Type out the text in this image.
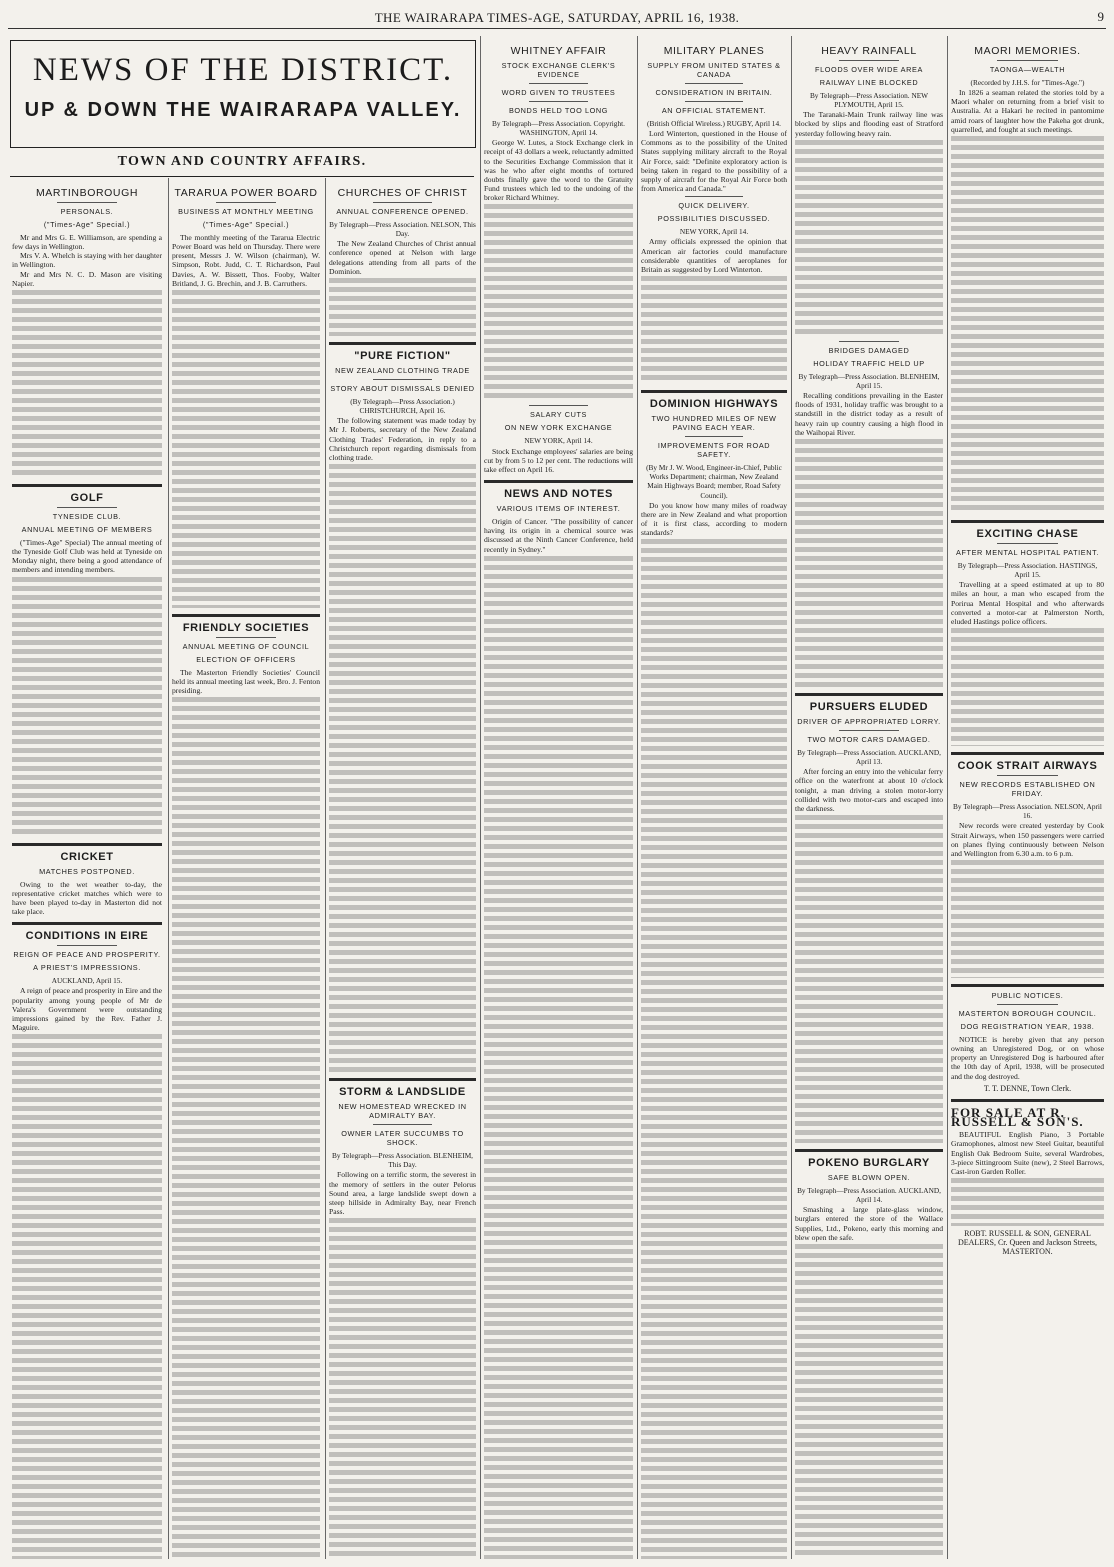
THE WAIRARAPA TIMES-AGE, SATURDAY, APRIL 16, 1938.	9
NEWS OF THE DISTRICT.
UP & DOWN THE WAIRARAPA VALLEY.
TOWN AND COUNTRY AFFAIRS.
MARTINBOROUGH
PERSONALS.
("Times-Age" Special.)

Mr and Mrs G. E. Williamson, are spending a few days in Wellington.

Mrs V. A. Whelch is staying with her daughter in Wellington.

Mr and Mrs N. C. D. Mason are visiting Napier.

GOLF
TYNESIDE CLUB.
ANNUAL MEETING OF MEMBERS

("Times-Age" Special) The annual meeting of the Tyneside Golf Club was held at Tyneside on Monday night, there being a good attendance of members and intending members.

CRICKET
MATCHES POSTPONED.

Owing to the wet weather to-day, the representative cricket matches which were to have been played to-day in Masterton did not take place.

CONDITIONS IN EIRE
REIGN OF PEACE AND PROSPERITY.
A PRIEST'S IMPRESSIONS.
AUCKLAND, April 15.

A reign of peace and prosperity in Eire and the popularity among young people of Mr de Valera's Government were outstanding impressions gained by the Rev. Father J. Maguire.

TARARUA POWER BOARD
BUSINESS AT MONTHLY MEETING
("Times-Age" Special.)

The monthly meeting of the Tararua Electric Power Board was held on Thursday. There were present, Messrs J. W. Wilson (chairman), W. Simpson, Robt. Judd, C. T. Richardson, Paul Davies, A. W. Bissett, Thos. Fooby, Walter Britland, J. G. Brechin, and J. B. Carruthers.

FRIENDLY SOCIETIES
ANNUAL MEETING OF COUNCIL
ELECTION OF OFFICERS

The Masterton Friendly Societies' Council held its annual meeting last week, Bro. J. Fenton presiding.

CHURCHES OF CHRIST
ANNUAL CONFERENCE OPENED.
By Telegraph—Press Association. NELSON, This Day.

The New Zealand Churches of Christ annual conference opened at Nelson with large delegations attending from all parts of the Dominion.

"PURE FICTION"
NEW ZEALAND CLOTHING TRADE
STORY ABOUT DISMISSALS DENIED
(By Telegraph—Press Association.) CHRISTCHURCH, April 16.

The following statement was made today by Mr J. Roberts, secretary of the New Zealand Clothing Trades' Federation, in reply to a Christchurch report regarding dismissals from clothing trade.

STORM & LANDSLIDE
NEW HOMESTEAD WRECKED IN ADMIRALTY BAY.
OWNER LATER SUCCUMBS TO SHOCK.
By Telegraph—Press Association. BLENHEIM, This Day.

Following on a terrific storm, the severest in the memory of settlers in the outer Pelorus Sound area, a large landslide swept down a steep hillside in Admiralty Bay, near French Pass.

WHITNEY AFFAIR
STOCK EXCHANGE CLERK'S EVIDENCE
WORD GIVEN TO TRUSTEES
BONDS HELD TOO LONG
By Telegraph—Press Association. Copyright. WASHINGTON, April 14.

George W. Lutes, a Stock Exchange clerk in receipt of 43 dollars a week, reluctantly admitted to the Securities Exchange Commission that it was he who after eight months of tortured doubts finally gave the word to the Gratuity Fund trustees which led to the undoing of the broker Richard Whitney.

SALARY CUTS
ON NEW YORK EXCHANGE
NEW YORK, April 14.

Stock Exchange employees' salaries are being cut by from 5 to 12 per cent. The reductions will take effect on April 16.

NEWS AND NOTES
VARIOUS ITEMS OF INTEREST.

Origin of Cancer. "The possibility of cancer having its origin in a chemical source was discussed at the Ninth Cancer Conference, held recently in Sydney."

MILITARY PLANES
SUPPLY FROM UNITED STATES & CANADA
CONSIDERATION IN BRITAIN.
AN OFFICIAL STATEMENT.
(British Official Wireless.) RUGBY, April 14.

Lord Winterton, questioned in the House of Commons as to the possibility of the United States supplying military aircraft to the Royal Air Force, said: "Definite exploratory action is being taken in regard to the possibility of a supply of aircraft for the Royal Air Force both from America and Canada."

QUICK DELIVERY.
POSSIBILITIES DISCUSSED.
NEW YORK, April 14.

Army officials expressed the opinion that American air factories could manufacture considerable quantities of aeroplanes for Britain as suggested by Lord Winterton.

DOMINION HIGHWAYS
TWO HUNDRED MILES OF NEW PAVING EACH YEAR.
IMPROVEMENTS FOR ROAD SAFETY.
(By Mr J. W. Wood, Engineer-in-Chief, Public Works Department; chairman, New Zealand Main Highways Board; member, Road Safety Council).

Do you know how many miles of roadway there are in New Zealand and what proportion of it is first class, according to modern standards?

HEAVY RAINFALL
FLOODS OVER WIDE AREA
RAILWAY LINE BLOCKED
By Telegraph—Press Association. NEW PLYMOUTH, April 15.

The Taranaki-Main Trunk railway line was blocked by slips and flooding east of Stratford yesterday following heavy rain.

BRIDGES DAMAGED
HOLIDAY TRAFFIC HELD UP
By Telegraph—Press Association. BLENHEIM, April 15.

Recalling conditions prevailing in the Easter floods of 1931, holiday traffic was brought to a standstill in the district today as a result of heavy rain up country causing a high flood in the Waihopai River.

PURSUERS ELUDED
DRIVER OF APPROPRIATED LORRY.
TWO MOTOR CARS DAMAGED.
By Telegraph—Press Association. AUCKLAND, April 13.

After forcing an entry into the vehicular ferry office on the waterfront at about 10 o'clock tonight, a man driving a stolen motor-lorry collided with two motor-cars and escaped into the darkness.

POKENO BURGLARY
SAFE BLOWN OPEN.
By Telegraph—Press Association. AUCKLAND, April 14.

Smashing a large plate-glass window, burglars entered the store of the Wallace Supplies, Ltd., Pokeno, early this morning and blew open the safe.

MAORI MEMORIES.
TAONGA—WEALTH
(Recorded by J.H.S. for "Times-Age.")

In 1826 a seaman related the stories told by a Maori whaler on returning from a brief visit to Australia. At a Hakari he recited in pantomime amid roars of laughter how the Pakeha got drunk, quarrelled, and fought at such meetings.

EXCITING CHASE
AFTER MENTAL HOSPITAL PATIENT.
By Telegraph—Press Association. HASTINGS, April 15.

Travelling at a speed estimated at up to 80 miles an hour, a man who escaped from the Porirua Mental Hospital and who afterwards converted a motor-car at Palmerston North, eluded Hastings police officers.

COOK STRAIT AIRWAYS
NEW RECORDS ESTABLISHED ON FRIDAY.
By Telegraph—Press Association. NELSON, April 16.

New records were created yesterday by Cook Strait Airways, when 150 passengers were carried on planes flying continuously between Nelson and Wellington from 6.30 a.m. to 6 p.m.

PUBLIC NOTICES.
MASTERTON BOROUGH COUNCIL.
DOG REGISTRATION YEAR, 1938.

NOTICE is hereby given that any person owning an Unregistered Dog, or on whose property an Unregistered Dog is harboured after the 10th day of April, 1938, will be prosecuted and the dog destroyed.

T. T. DENNE, Town Clerk.
FOR SALE AT R. RUSSELL & SON'S.

BEAUTIFUL English Piano, 3 Portable Gramophones, almost new Steel Guitar, beautiful English Oak Bedroom Suite, several Wardrobes, 3-piece Sittingroom Suite (new), 2 Steel Barrows, Cast-iron Garden Roller.

ROBT. RUSSELL & SON, GENERAL DEALERS, Cr. Queen and Jackson Streets, MASTERTON.
